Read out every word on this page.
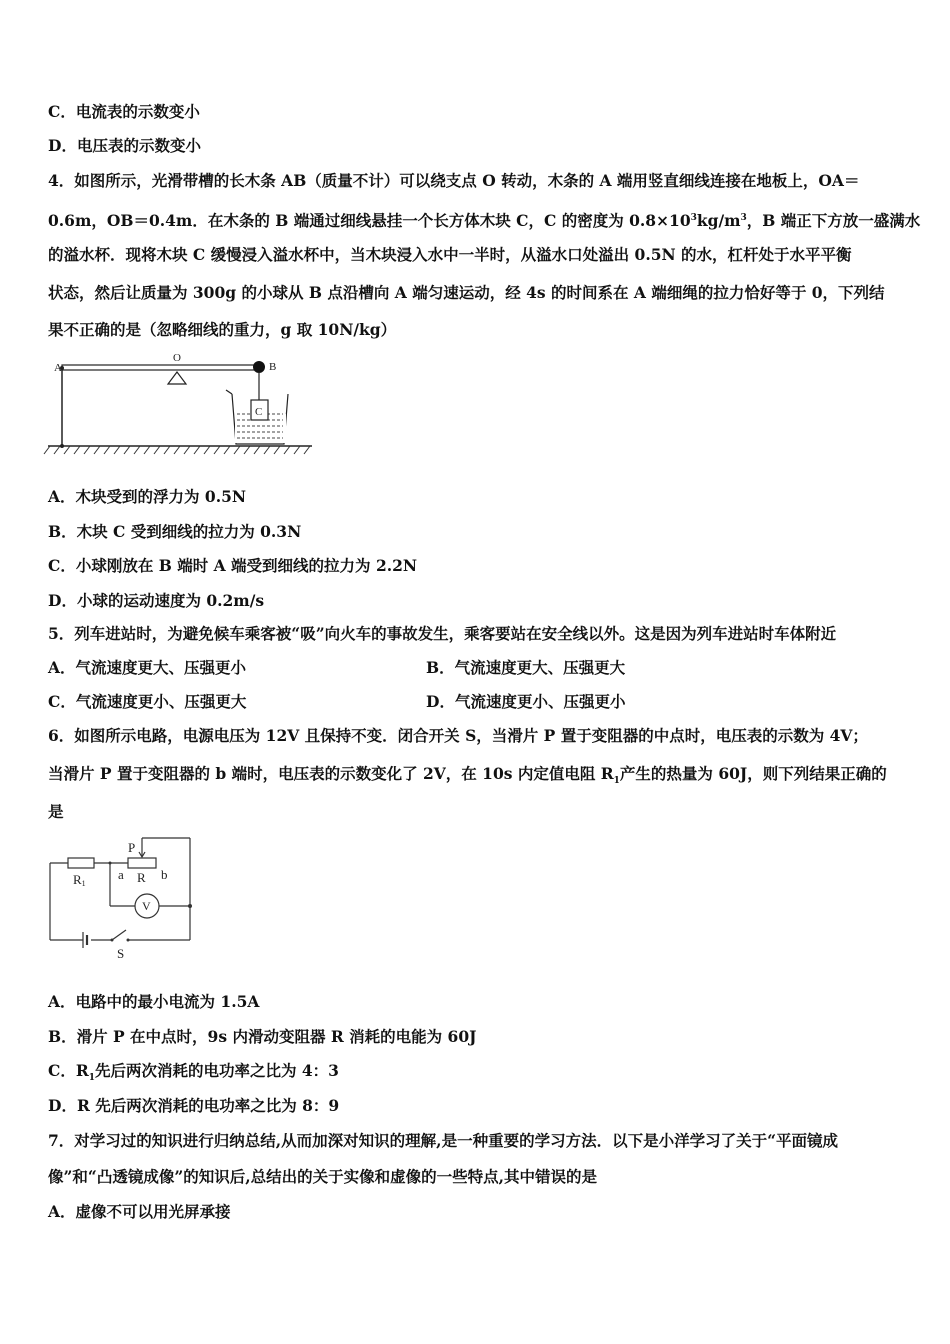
C．电流表的示数变小
D．电压表的示数变小
4．如图所示，光滑带槽的长木条 AB（质量不计）可以绕支点 O 转动，木条的 A 端用竖直细线连接在地板上，OA＝
0.6m，OB＝0.4m．在木条的 B 端通过细线悬挂一个长方体木块 C，C 的密度为 $0.8\times 10^3kg/m^3$，B 端正下方放一盛满水
的溢水杯．现将木块 C 缓慢浸入溢水杯中，当木块浸入水中一半时，从溢水口处溢出 0.5N 的水，杠杆处于水平平衡
状态，然后让质量为 300g 的小球从 B 点沿槽向 A 端匀速运动，经 4s 的时间系在 A 端细绳的拉力恰好等于 0，下列结
果不正确的是（忽略细线的重力，g 取 10N/kg）
A
O
B
C
A．木块受到的浮力为 0.5N
B．木块 C 受到细线的拉力为 0.3N
C．小球刚放在 B 端时 A 端受到细线的拉力为 2.2N
D．小球的运动速度为 0.2m/s
5．列车进站时，为避免候车乘客被“吸”向火车的事故发生，乘客要站在安全线以外。这是因为列车进站时车体附近
A．气流速度更大、压强更小	B．气流速度更大、压强更大
C．气流速度更小、压强更大	D．气流速度更小、压强更小
6．如图所示电路，电源电压为 12V 且保持不变．闭合开关 S，当滑片 P 置于变阻器的中点时，电压表的示数为 4V；
当滑片 P 置于变阻器的 b 端时，电压表的示数变化了 2V，在 10s 内定值电阻 $R_1$产生的热量为 60J，则下列结果正确的
是
P
R1
a R b
V
S
A．电路中的最小电流为 1.5A
B．滑片 P 在中点时，9s 内滑动变阻器 R 消耗的电能为 60J
C．$R_1$先后两次消耗的电功率之比为 4：3
D．R 先后两次消耗的电功率之比为 8：9
7．对学习过的知识进行归纳总结,从而加深对知识的理解,是一种重要的学习方法．以下是小洋学习了关于“平面镜成
像”和“凸透镜成像”的知识后,总结出的关于实像和虚像的一些特点,其中错误的是
A．虚像不可以用光屏承接
